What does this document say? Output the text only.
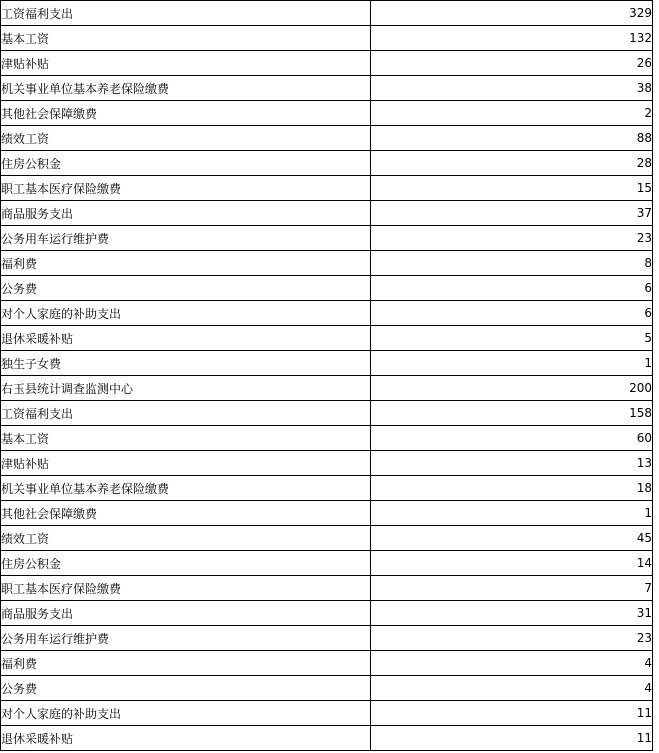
工资福利支出	329
基本工资	132
津贴补贴	26
机关事业单位基本养老保险缴费	38
其他社会保障缴费	2
绩效工资	88
住房公积金	28
职工基本医疗保险缴费	15
商品服务支出	37
公务用车运行维护费	23
福利费	8
公务费	6
对个人家庭的补助支出	6
退休采暖补贴	5
独生子女费	1
右玉县统计调查监测中心	200
工资福利支出	158
基本工资	60
津贴补贴	13
机关事业单位基本养老保险缴费	18
其他社会保障缴费	1
绩效工资	45
住房公积金	14
职工基本医疗保险缴费	7
商品服务支出	31
公务用车运行维护费	23
福利费	4
公务费	4
对个人家庭的补助支出	11
退休采暖补贴	11
